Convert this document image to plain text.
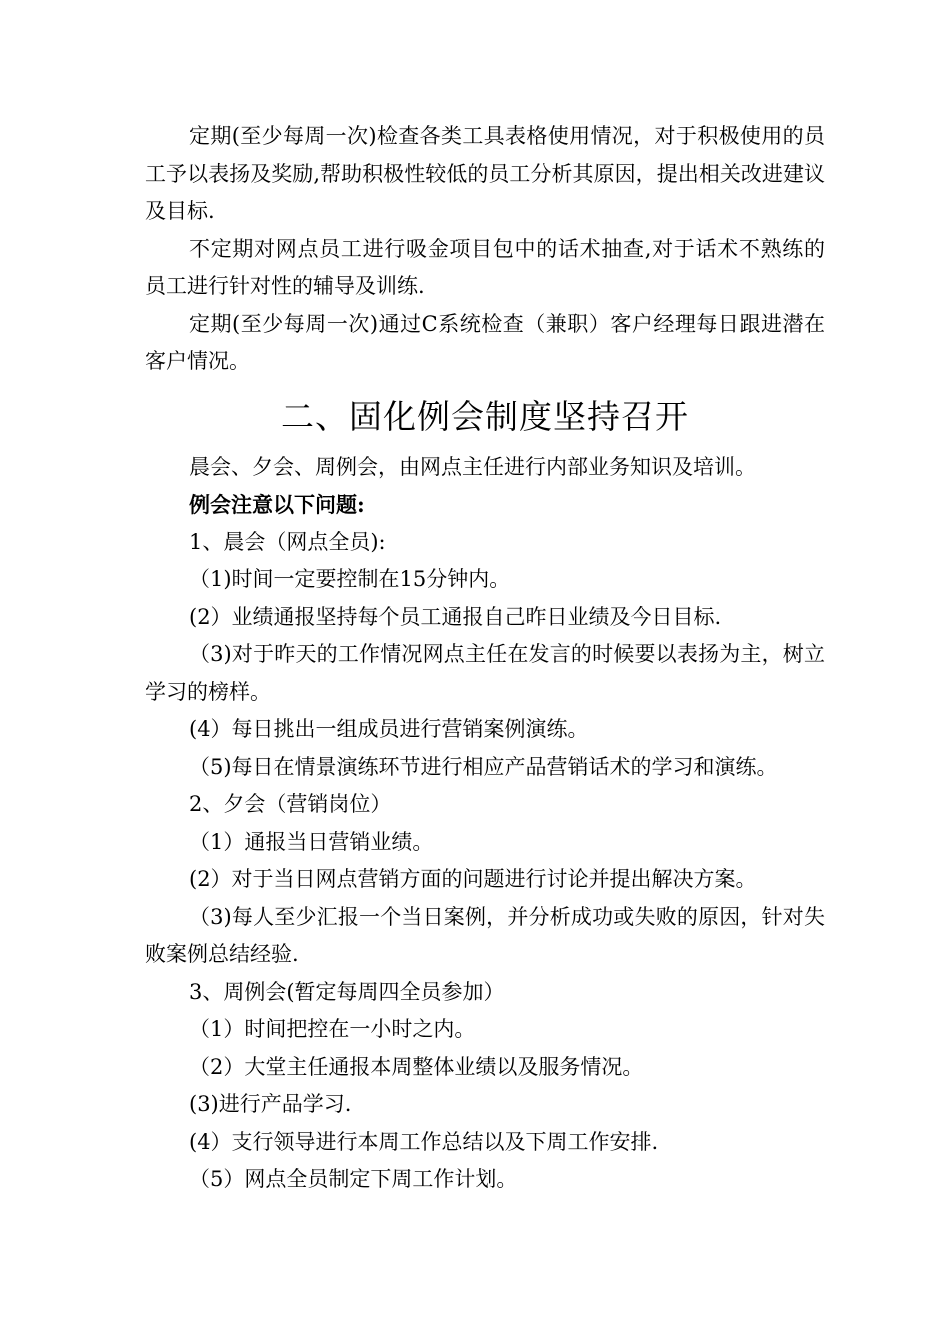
定期(至少每周一次)检查各类工具表格使用情况，对于积极使用的员工予以表扬及奖励,帮助积极性较低的员工分析其原因，提出相关改进建议及目标.

不定期对网点员工进行吸金项目包中的话术抽查,对于话术不熟练的员工进行针对性的辅导及训练.

定期(至少每周一次)通过C系统检查（兼职）客户经理每日跟进潜在客户情况。

二、固化例会制度坚持召开

晨会、夕会、周例会，由网点主任进行内部业务知识及培训。

例会注意以下问题:

1、晨会（网点全员):

（1)时间一定要控制在15分钟内。

(2）业绩通报坚持每个员工通报自己昨日业绩及今日目标.

（3)对于昨天的工作情况网点主任在发言的时候要以表扬为主，树立学习的榜样。

(4）每日挑出一组成员进行营销案例演练。

（5)每日在情景演练环节进行相应产品营销话术的学习和演练。

2、夕会（营销岗位）

（1）通报当日营销业绩。

(2）对于当日网点营销方面的问题进行讨论并提出解决方案。

（3)每人至少汇报一个当日案例，并分析成功或失败的原因，针对失败案例总结经验.

3、周例会(暂定每周四全员参加）

（1）时间把控在一小时之内。

（2）大堂主任通报本周整体业绩以及服务情况。

(3)进行产品学习.

(4）支行领导进行本周工作总结以及下周工作安排.

（5）网点全员制定下周工作计划。
